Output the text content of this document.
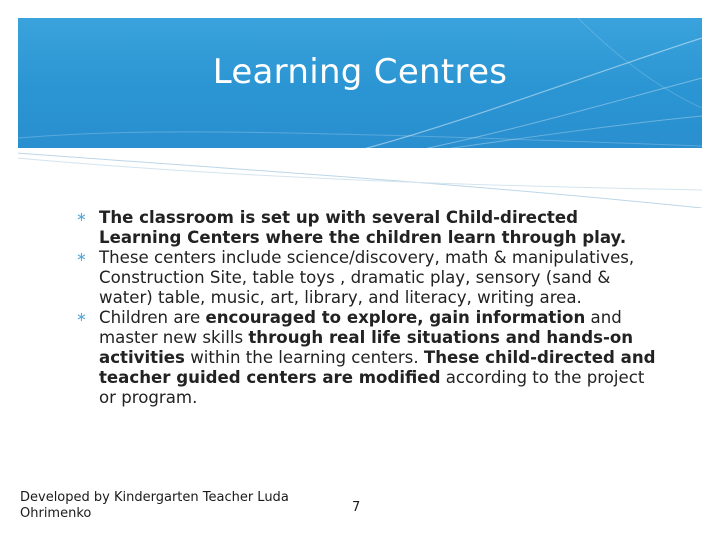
Learning Centres

∗ The classroom is set up with several Child-directed Learning Centers where the children learn through play.

∗ These centers include science/discovery, math & manipulatives, Construction Site, table toys , dramatic play, sensory (sand & water) table, music, art, library, and literacy, writing area.

∗ Children are encouraged to explore, gain information and master new skills through real life situations and hands-on activities within the learning centers. These child-directed and teacher guided centers are modified according to the project or program.

Developed by Kindergarten Teacher Luda Ohrimenko	7
